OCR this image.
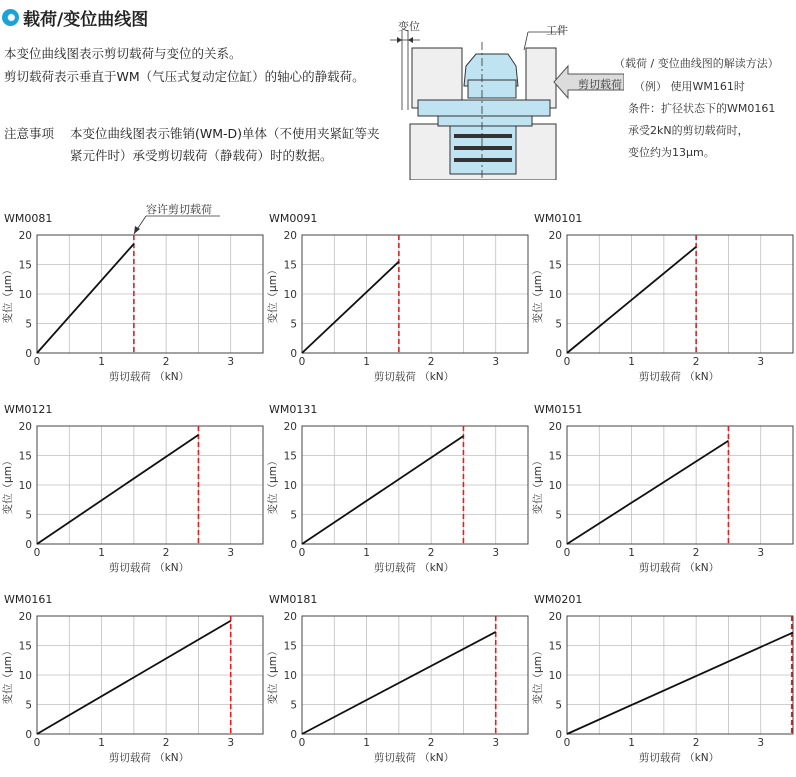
载荷/变位曲线图
本变位曲线图表示剪切载荷与变位的关系。
剪切载荷表示垂直于WM（气压式复动定位缸）的轴心的静载荷。
注意事项 本变位曲线图表示锥销(WM-D)单体（不使用夹紧缸等夹
紧元件时）承受剪切载荷（静载荷）时的数据。
变位	工件
剪切载荷
（载荷 / 变位曲线图的解读方法）
（例） 使用WM161时
条件：扩径状态下的WM0161
承受2kN的剪切载荷时，
变位约为13μm。
容许剪切载荷
WM0081
0	1	2	3
0
5
10
15
20
剪切载荷 （kN）
变位（μm）
WM0091
0	1	2	3
0
5
10
15
20
剪切载荷 （kN）
变位（μm）
WM0101
0	1	2	3
0
5
10
15
20
剪切载荷 （kN）
变位（μm）
WM0121
0	1	2	3
0
5
10
15
20
剪切载荷 （kN）
变位（μm）
WM0131
0	1	2	3
0
5
10
15
20
剪切载荷 （kN）
变位（μm）
WM0151
0	1	2	3
0
5
10
15
20
剪切载荷 （kN）
变位（μm）
WM0161
0	1	2	3
0
5
10
15
20
剪切载荷 （kN）
变位（μm）
WM0181
0	1	2	3
0
5
10
15
20
剪切载荷 （kN）
变位（μm）
WM0201
0	1	2	3
0
5
10
15
20
剪切载荷 （kN）
变位（μm）
